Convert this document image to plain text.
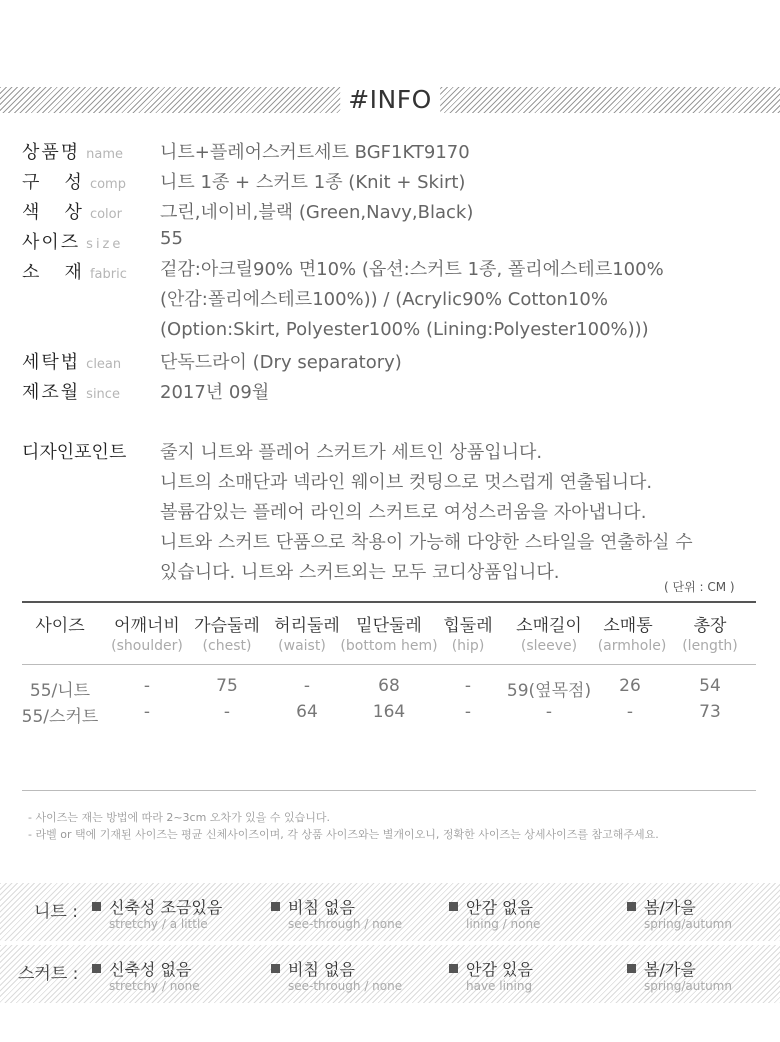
#INFO
상품명 name	니트+플레어스커트세트 BGF1KT9170
구   성 comp	니트 1종 + 스커트 1종 (Knit + Skirt)
색   상 color	그린,네이비,블랙 (Green,Navy,Black)
사이즈 size	55
소   재 fabric	겉감:아크릴90% 면10% (옵션:스커트 1종, 폴리에스테르100%
(안감:폴리에스테르100%)) / (Acrylic90% Cotton10%
(Option:Skirt, Polyester100% (Lining:Polyester100%)))
세탁법 clean	단독드라이 (Dry separatory)
제조월 since	2017년 09월
디자인포인트 줄지 니트와 플레어 스커트가 세트인 상품입니다.
니트의 소매단과 넥라인 웨이브 컷팅으로 멋스럽게 연출됩니다.
볼륨감있는 플레어 라인의 스커트로 여성스러움을 자아냅니다.
니트와 스커트 단품으로 착용이 가능해 다양한 스타일을 연출하실 수
있습니다. 니트와 스커트외는 모두 코디상품입니다.
( 단위 : CM )
사이즈 어깨너비 가슴둘레 허리둘레 밑단둘레 힙둘레 소매길이 소매통 총장
(shoulder) (chest) (waist) (bottom hem) (hip)	(sleeve) (armhole) (length)
55/니트	-	75	-	68	- 59(옆목점) 26	54
55/스커트	-	-	64	164	-	-	-	73
- 사이즈는 재는 방법에 따라 2~3cm 오차가 있을 수 있습니다.
- 라벨 or 택에 기재된 사이즈는 평균 신체사이즈이며, 각 상품 사이즈와는 별개이오니, 정확한 사이즈는 상세사이즈를 참고해주세요.
니트 :	신축성 조금있음
stretchy / a little
비침 없음
see-through / none
안감 없음
lining / none
봄/가을
spring/autumn
스커트 :	신축성 없음
stretchy / none
비침 없음
see-through / none
안감 있음
have lining
봄/가을
spring/autumn
